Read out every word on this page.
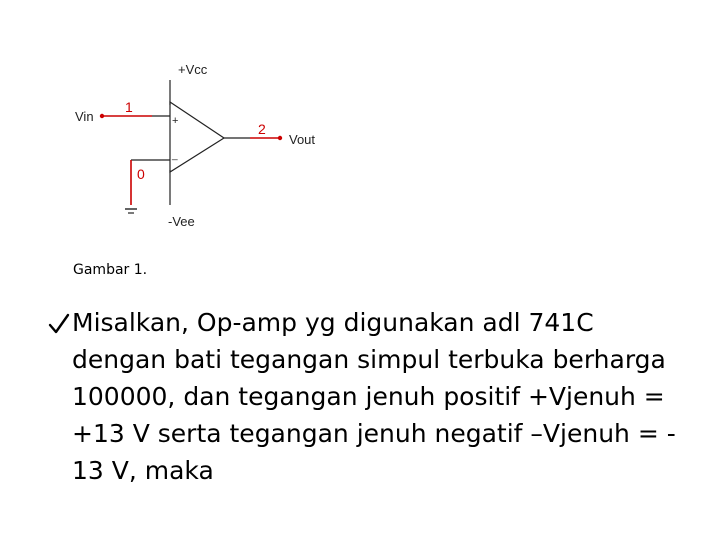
+Vcc
-Vee
Vin
Vout
1
2
0
+
_
Gambar 1.
Misalkan, Op-amp yg digunakan adl 741C
dengan bati tegangan simpul terbuka berharga
100000, dan tegangan jenuh positif +Vjenuh =
+13 V serta tegangan jenuh negatif –Vjenuh = -
13 V, maka
